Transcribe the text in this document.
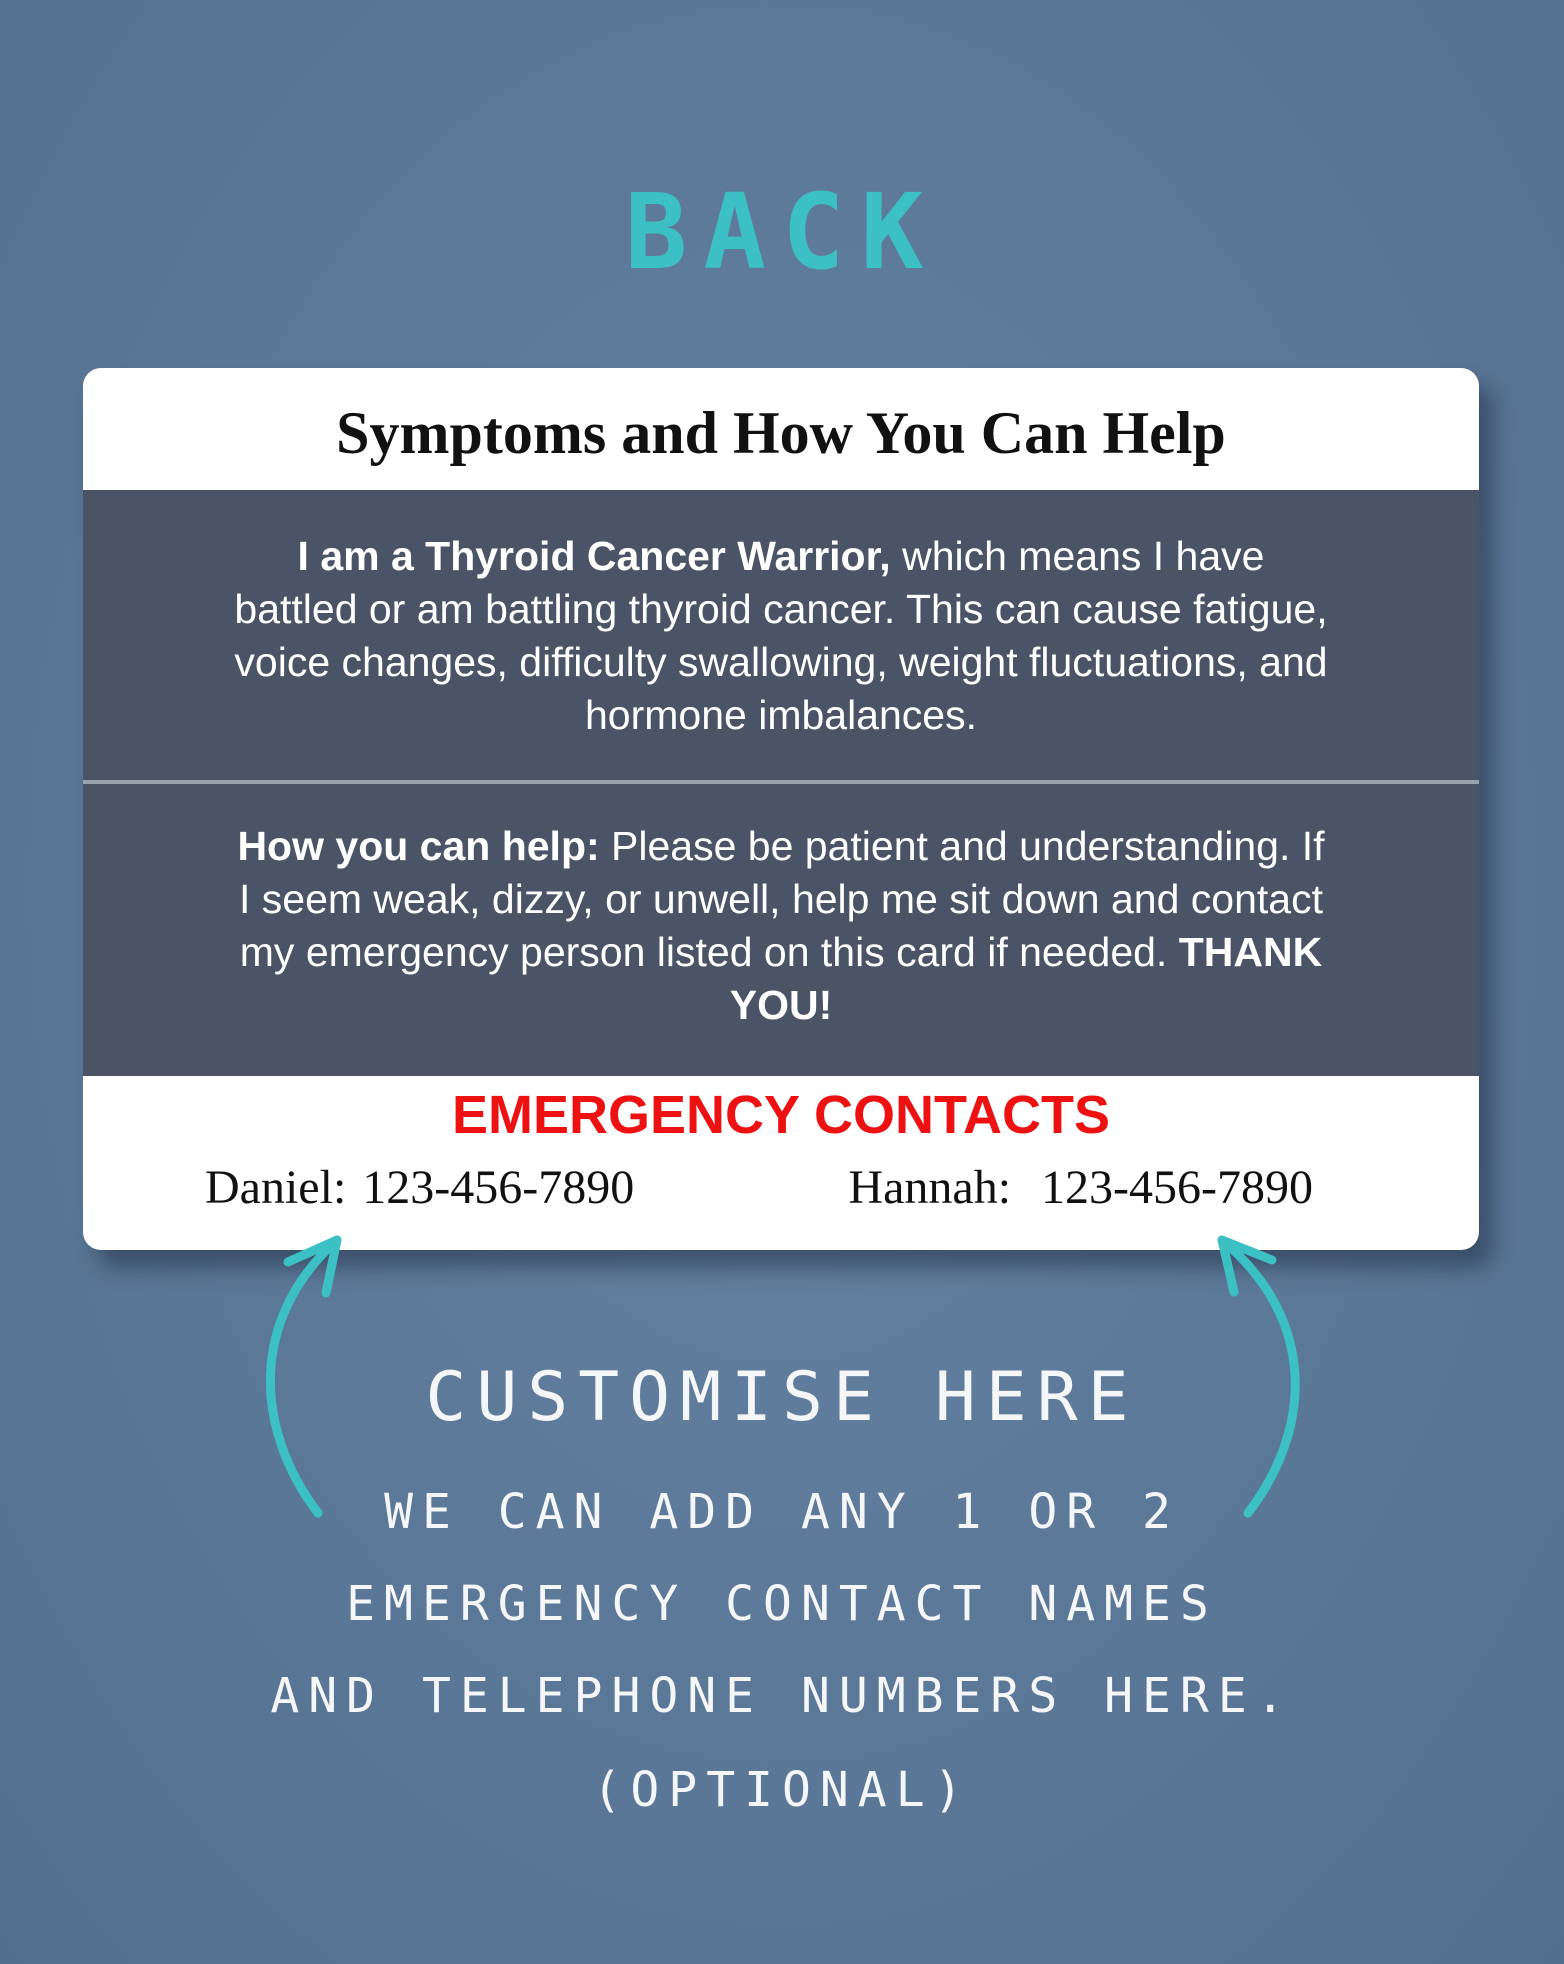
BACK
Symptoms and How You Can Help
I am a Thyroid Cancer Warrior, which means I have battled or am battling thyroid cancer. This can cause fatigue, voice changes, difficulty swallowing, weight fluctuations, and hormone imbalances.
How you can help: Please be patient and understanding. If I seem weak, dizzy, or unwell, help me sit down and contact my emergency person listed on this card if needed. THANK YOU!
EMERGENCY CONTACTS
Daniel: 123-456-7890	Hannah: 123-456-7890

CUSTOMISE HERE

WE CAN ADD ANY 1 OR 2

EMERGENCY CONTACT NAMES

AND TELEPHONE NUMBERS HERE.

(OPTIONAL)
